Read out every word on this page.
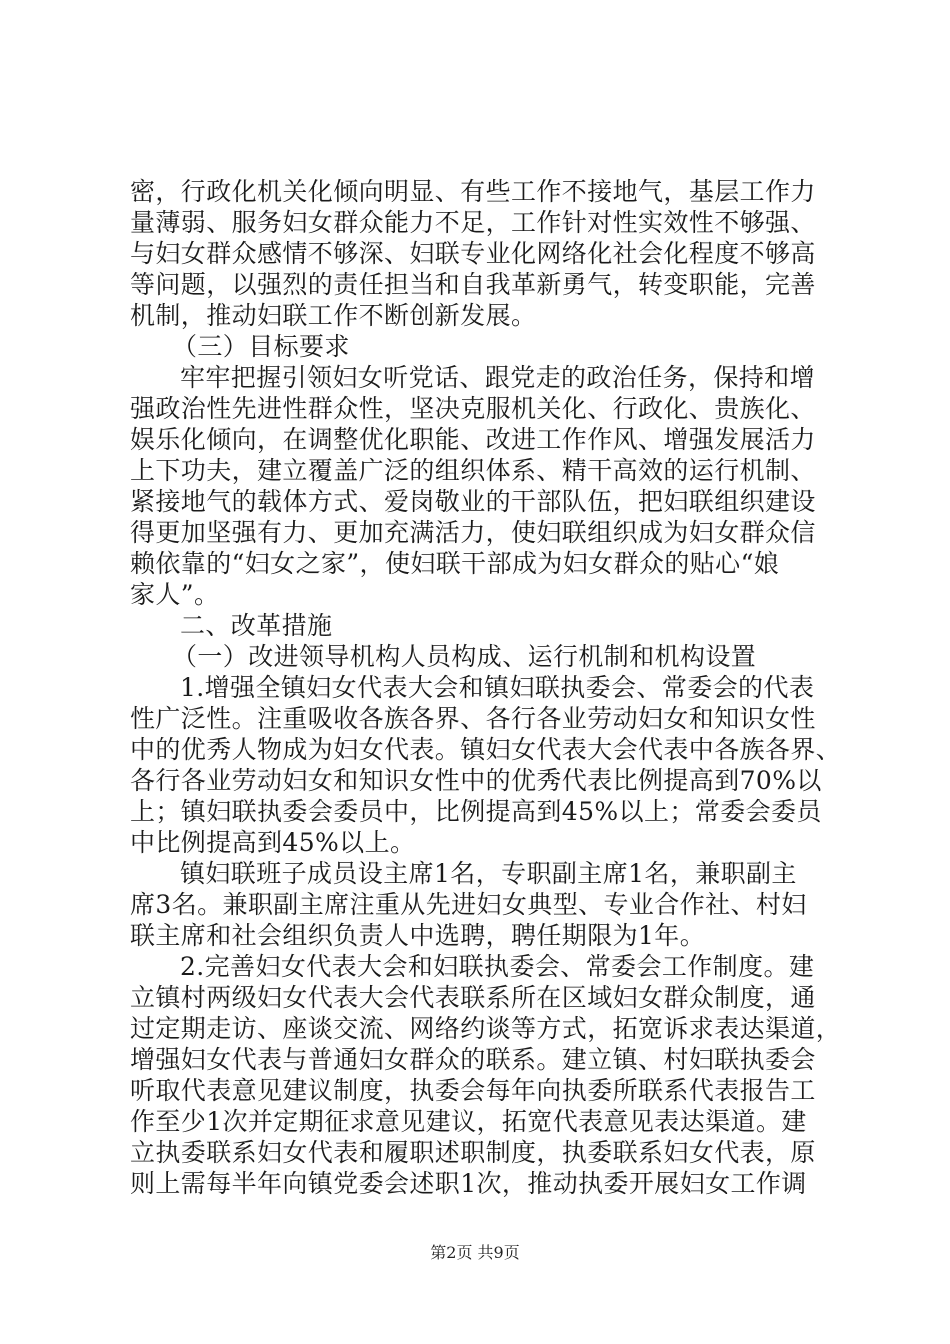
密，行政化机关化倾向明显、有些工作不接地气，基层工作力
量薄弱、服务妇女群众能力不足，工作针对性实效性不够强、
与妇女群众感情不够深、妇联专业化网络化社会化程度不够高
等问题，以强烈的责任担当和自我革新勇气，转变职能，完善
机制，推动妇联工作不断创新发展。
（三）目标要求
牢牢把握引领妇女听党话、跟党走的政治任务，保持和增
强政治性先进性群众性，坚决克服机关化、行政化、贵族化、
娱乐化倾向，在调整优化职能、改进工作作风、增强发展活力
上下功夫，建立覆盖广泛的组织体系、精干高效的运行机制、
紧接地气的载体方式、爱岗敬业的干部队伍，把妇联组织建设
得更加坚强有力、更加充满活力，使妇联组织成为妇女群众信
赖依靠的“妇女之家”，使妇联干部成为妇女群众的贴心“娘
家人”。
二、改革措施
（一）改进领导机构人员构成、运行机制和机构设置
1.增强全镇妇女代表大会和镇妇联执委会、常委会的代表
性广泛性。注重吸收各族各界、各行各业劳动妇女和知识女性
中的优秀人物成为妇女代表。镇妇女代表大会代表中各族各界、
各行各业劳动妇女和知识女性中的优秀代表比例提高到70%以
上；镇妇联执委会委员中，比例提高到45%以上；常委会委员
中比例提高到45%以上。
镇妇联班子成员设主席1名，专职副主席1名，兼职副主
席3名。兼职副主席注重从先进妇女典型、专业合作社、村妇
联主席和社会组织负责人中选聘，聘任期限为1年。
2.完善妇女代表大会和妇联执委会、常委会工作制度。建
立镇村两级妇女代表大会代表联系所在区域妇女群众制度，通
过定期走访、座谈交流、网络约谈等方式，拓宽诉求表达渠道，
增强妇女代表与普通妇女群众的联系。建立镇、村妇联执委会
听取代表意见建议制度，执委会每年向执委所联系代表报告工
作至少1次并定期征求意见建议，拓宽代表意见表达渠道。建
立执委联系妇女代表和履职述职制度，执委联系妇女代表，原
则上需每半年向镇党委会述职1次，推动执委开展妇女工作调
第2页 共9页
